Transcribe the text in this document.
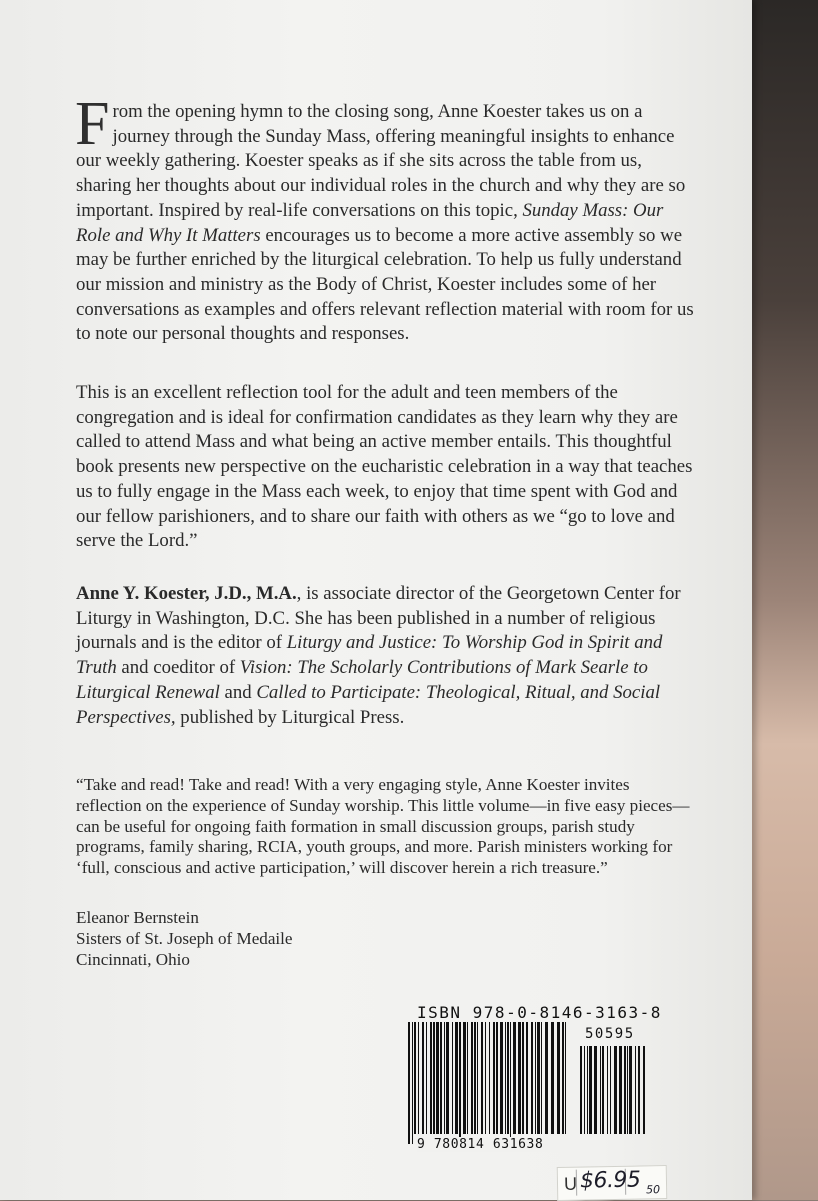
From the opening hymn to the closing song, Anne Koester takes us on a journey through the Sunday Mass, offering meaningful insights to enhance our weekly gathering. Koester speaks as if she sits across the table from us, sharing her thoughts about our individual roles in the church and why they are so important. Inspired by real-life conversations on this topic, Sunday Mass: Our Role and Why It Matters encourages us to become a more active assembly so we may be further enriched by the liturgical celebration. To help us fully understand our mission and ministry as the Body of Christ, Koester includes some of her conversations as examples and offers relevant reflection material with room for us to note our personal thoughts and responses.

This is an excellent reflection tool for the adult and teen members of the congregation and is ideal for confirmation candidates as they learn why they are called to attend Mass and what being an active member entails. This thoughtful book presents new perspective on the eucharistic celebration in a way that teaches us to fully engage in the Mass each week, to enjoy that time spent with God and our fellow parishioners, and to share our faith with others as we “go to love and serve the Lord.”

Anne Y. Koester, J.D., M.A., is associate director of the Georgetown Center for Liturgy in Washington, D.C. She has been published in a number of religious journals and is the editor of Liturgy and Justice: To Worship God in Spirit and Truth and coeditor of Vision: The Scholarly Contributions of Mark Searle to Liturgical Renewal and Called to Participate: Theological, Ritual, and Social Perspectives, published by Liturgical Press.

“Take and read! Take and read! With a very engaging style, Anne Koester invites reflection on the experience of Sunday worship. This little volume—in five easy pieces—can be useful for ongoing faith formation in small discussion groups, parish study programs, family sharing, RCIA, youth groups, and more. Parish ministers working for ‘full, conscious and active participation,’ will discover herein a rich treasure.”

Eleanor Bernstein
Sisters of St. Joseph of Medaile
Cincinnati, Ohio
ISBN 978-0-8146-3163-8
50595
9 780814 631638
U $6.95 50
